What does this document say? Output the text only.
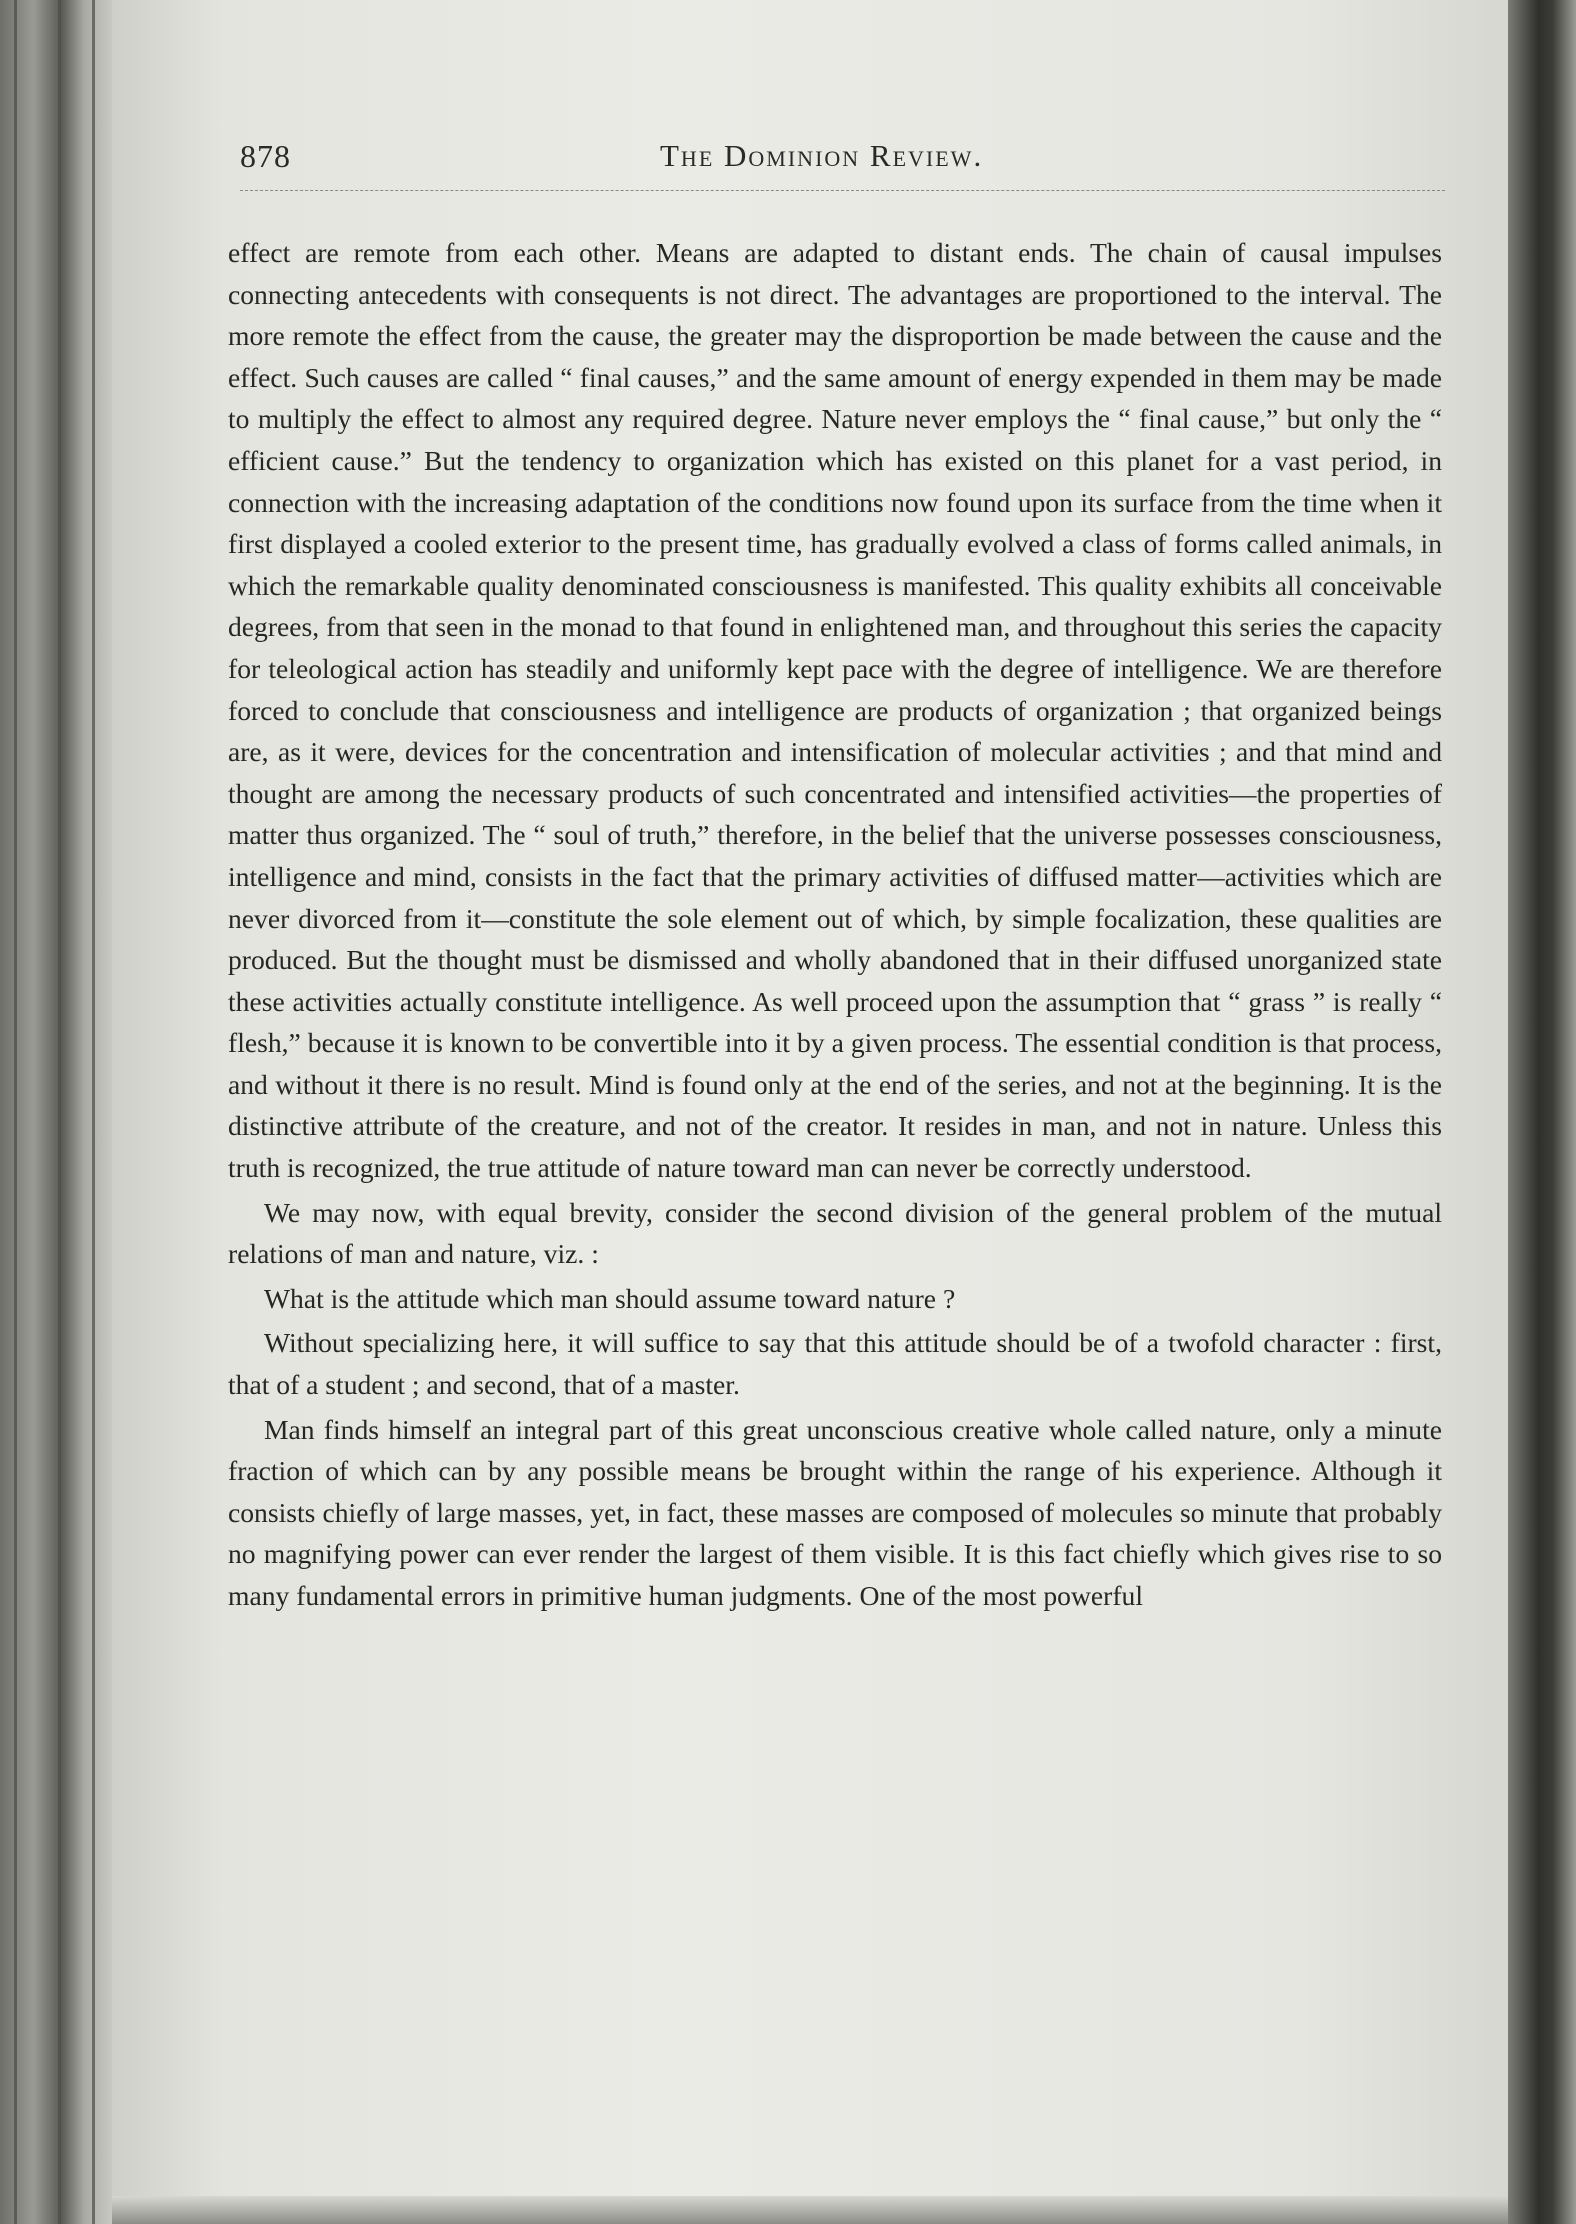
878	The Dominion Review.

effect are remote from each other. Means are adapted to distant ends. The chain of causal impulses connecting antecedents with consequents is not direct. The advantages are proportioned to the interval. The more remote the effect from the cause, the greater may the disproportion be made between the cause and the effect. Such causes are called “ final causes,” and the same amount of energy expended in them may be made to multiply the effect to almost any required degree. Nature never employs the “ final cause,” but only the “ efficient cause.” But the tendency to organization which has existed on this planet for a vast period, in connection with the increasing adaptation of the conditions now found upon its surface from the time when it first displayed a cooled exterior to the present time, has gradually evolved a class of forms called animals, in which the remarkable quality denominated consciousness is manifested. This quality exhibits all conceivable degrees, from that seen in the monad to that found in enlightened man, and throughout this series the capacity for teleological action has steadily and uniformly kept pace with the degree of intelligence. We are therefore forced to conclude that consciousness and intelligence are products of organization ; that organized beings are, as it were, devices for the concentration and intensification of molecular activities ; and that mind and thought are among the necessary products of such concentrated and intensified activities—the properties of matter thus organized. The “ soul of truth,” therefore, in the belief that the universe possesses consciousness, intelligence and mind, consists in the fact that the primary activities of diffused matter—activities which are never divorced from it—constitute the sole element out of which, by simple focalization, these qualities are produced. But the thought must be dismissed and wholly abandoned that in their diffused unorganized state these activities actually constitute intelligence. As well proceed upon the assumption that “ grass ” is really “ flesh,” because it is known to be convertible into it by a given process. The essential condition is that process, and without it there is no result. Mind is found only at the end of the series, and not at the beginning. It is the distinctive attribute of the creature, and not of the creator. It resides in man, and not in nature. Unless this truth is recognized, the true attitude of nature toward man can never be correctly understood.

We may now, with equal brevity, consider the second division of the general problem of the mutual relations of man and nature, viz. :

What is the attitude which man should assume toward nature ?

Without specializing here, it will suffice to say that this attitude should be of a twofold character : first, that of a student ; and second, that of a master.

Man finds himself an integral part of this great unconscious creative whole called nature, only a minute fraction of which can by any possible means be brought within the range of his experience. Although it consists chiefly of large masses, yet, in fact, these masses are composed of molecules so minute that probably no magnifying power can ever render the largest of them visible. It is this fact chiefly which gives rise to so many fundamental errors in primitive human judgments. One of the most powerful
